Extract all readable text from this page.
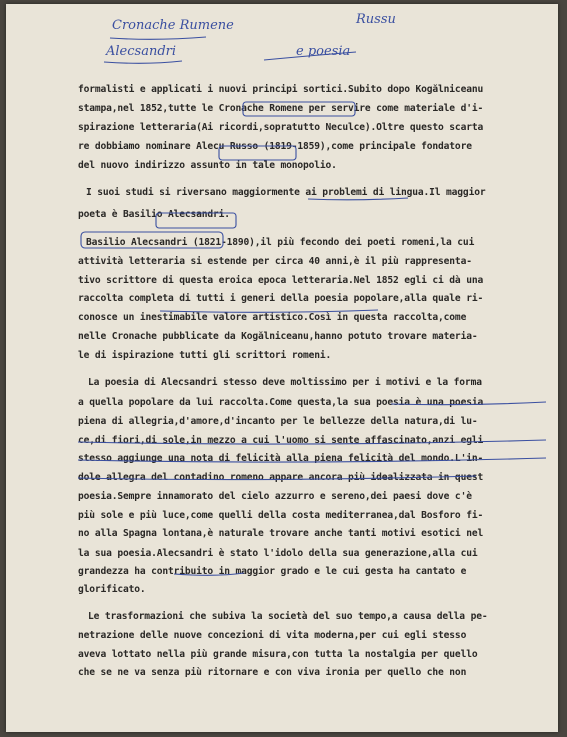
Cronache Rumene	Russu
Alecsandri	e poesia
formalisti e applicati i nuovi principi sortici.Subito dopo Kogălniceanu
stampa,nel 1852,tutte le Cronache Romene per servire come materiale d'i-
spirazione letteraria(Ai ricordi,sopratutto Neculce).Oltre questo scarta
re dobbiamo nominare Alecu Russo (1819-1859),come principale fondatore
del nuovo indirizzo assunto in tale monopolio.
I suoi studi si riversano maggiormente ai problemi di lingua.Il maggior
poeta è Basilio Alecsandri.
Basilio Alecsandri (1821-1890),il più fecondo dei poeti romeni,la cui
attività letteraria si estende per circa 40 anni,è il più rappresenta-
tivo scrittore di questa eroica epoca letteraria.Nel 1852 egli ci dà una
raccolta completa di tutti i generi della poesia popolare,alla quale ri-
conosce un inestimabile valore artistico.Così in questa raccolta,come
nelle Cronache pubblicate da Kogălniceanu,hanno potuto trovare materia-
le di ispirazione tutti gli scrittori romeni.
La poesia di Alecsandri stesso deve moltissimo per i motivi e la forma
a quella popolare da lui raccolta.Come questa,la sua poesia è una poesia
piena di allegria,d'amore,d'incanto per le bellezze della natura,di lu-
ce,di fiori,di sole,in mezzo a cui l'uomo si sente affascinato,anzi egli
stesso aggiunge una nota di felicità alla piena felicità del mondo.L'in-
dole allegra del contadino romeno appare ancora più idealizzata in quest
poesia.Sempre innamorato del cielo azzurro e sereno,dei paesi dove c'è
più sole e più luce,come quelli della costa mediterranea,dal Bosforo fi-
no alla Spagna lontana,è naturale trovare anche tanti motivi esotici nel
la sua poesia.Alecsandri è stato l'idolo della sua generazione,alla cui
grandezza ha contribuito in maggior grado e le cui gesta ha cantato e
glorificato.
Le trasformazioni che subiva la società del suo tempo,a causa della pe-
netrazione delle nuove concezioni di vita moderna,per cui egli stesso
aveva lottato nella più grande misura,con tutta la nostalgia per quello
che se ne va senza più ritornare e con viva ironia per quello che non
